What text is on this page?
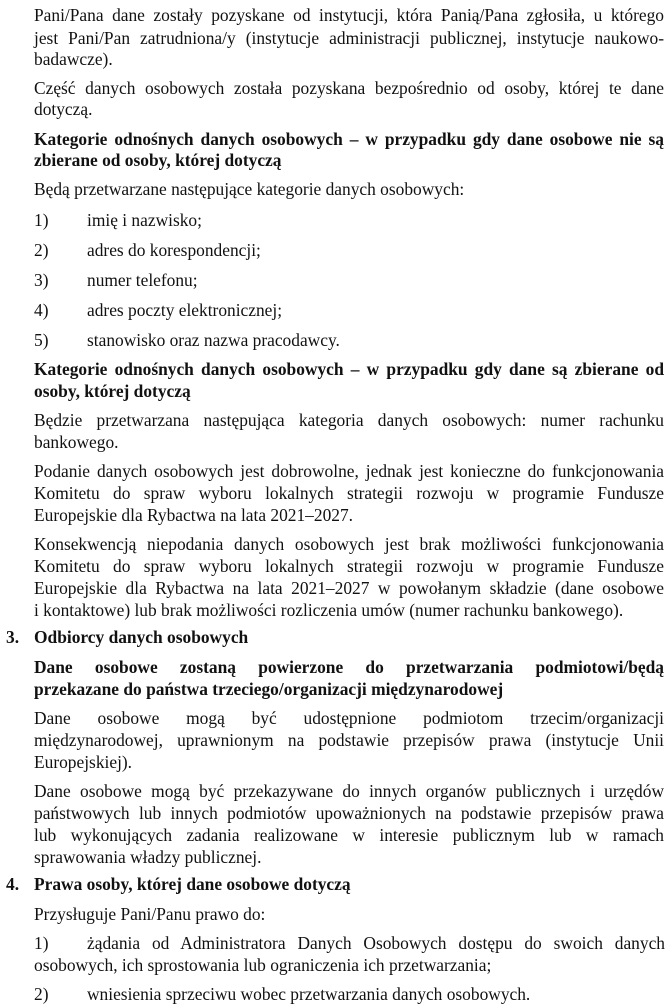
Pani/Pana dane zostały pozyskane od instytucji, która Panią/Pana zgłosiła, u którego
jest Pani/Pan zatrudniona/y (instytucje administracji publicznej, instytucje naukowo-
badawcze).
Część danych osobowych została pozyskana bezpośrednio od osoby, której te dane
dotyczą.
Kategorie odnośnych danych osobowych – w przypadku gdy dane osobowe nie są
zbierane od osoby, której dotyczą
Będą przetwarzane następujące kategorie danych osobowych:
1) imię i nazwisko;
2) adres do korespondencji;
3) numer telefonu;
4) adres poczty elektronicznej;
5) stanowisko oraz nazwa pracodawcy.
Kategorie odnośnych danych osobowych – w przypadku gdy dane są zbierane od
osoby, której dotyczą
Będzie przetwarzana następująca kategoria danych osobowych: numer rachunku
bankowego.
Podanie danych osobowych jest dobrowolne, jednak jest konieczne do funkcjonowania
Komitetu do spraw wyboru lokalnych strategii rozwoju w programie Fundusze
Europejskie dla Rybactwa na lata 2021–2027.
Konsekwencją niepodania danych osobowych jest brak możliwości funkcjonowania
Komitetu do spraw wyboru lokalnych strategii rozwoju w programie Fundusze
Europejskie dla Rybactwa na lata 2021–2027 w powołanym składzie (dane osobowe
i kontaktowe) lub brak możliwości rozliczenia umów (numer rachunku bankowego).
3. Odbiorcy danych osobowych
Dane osobowe zostaną powierzone do przetwarzania podmiotowi/będą
przekazane do państwa trzeciego/organizacji międzynarodowej
Dane osobowe mogą być udostępnione podmiotom trzecim/organizacji
międzynarodowej, uprawnionym na podstawie przepisów prawa (instytucje Unii
Europejskiej).
Dane osobowe mogą być przekazywane do innych organów publicznych i urzędów
państwowych lub innych podmiotów upoważnionych na podstawie przepisów prawa
lub wykonujących zadania realizowane w interesie publicznym lub w ramach
sprawowania władzy publicznej.
4. Prawa osoby, której dane osobowe dotyczą
Przysługuje Pani/Panu prawo do:
1) żądania od Administratora Danych Osobowych dostępu do swoich danych
osobowych, ich sprostowania lub ograniczenia ich przetwarzania;
2) wniesienia sprzeciwu wobec przetwarzania danych osobowych.
